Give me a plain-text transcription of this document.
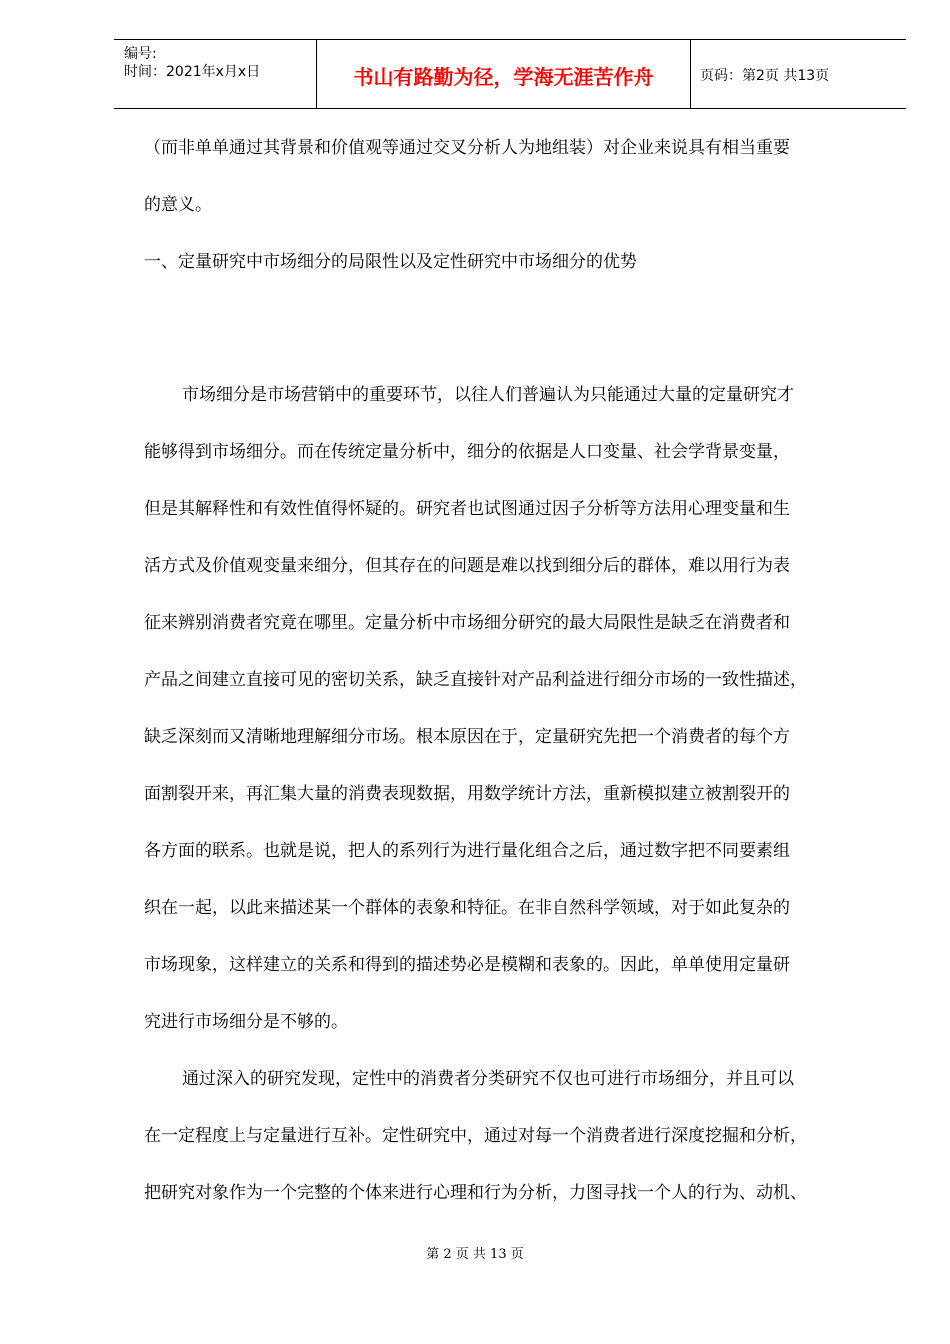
编号:
时间：2021年x月x日	书山有路勤为径，学海无涯苦作舟	页码：第2页 共13页
（而非单单通过其背景和价值观等通过交叉分析人为地组装）对企业来说具有相当重要
的意义。
一、定量研究中市场细分的局限性以及定性研究中市场细分的优势
市场细分是市场营销中的重要环节，以往人们普遍认为只能通过大量的定量研究才
能够得到市场细分。而在传统定量分析中，细分的依据是人口变量、社会学背景变量，
但是其解释性和有效性值得怀疑的。研究者也试图通过因子分析等方法用心理变量和生
活方式及价值观变量来细分，但其存在的问题是难以找到细分后的群体，难以用行为表
征来辨别消费者究竟在哪里。定量分析中市场细分研究的最大局限性是缺乏在消费者和
产品之间建立直接可见的密切关系，缺乏直接针对产品利益进行细分市场的一致性描述，
缺乏深刻而又清晰地理解细分市场。根本原因在于，定量研究先把一个消费者的每个方
面割裂开来，再汇集大量的消费表现数据，用数学统计方法，重新模拟建立被割裂开的
各方面的联系。也就是说，把人的系列行为进行量化组合之后，通过数字把不同要素组
织在一起，以此来描述某一个群体的表象和特征。在非自然科学领域，对于如此复杂的
市场现象，这样建立的关系和得到的描述势必是模糊和表象的。因此，单单使用定量研
究进行市场细分是不够的。
通过深入的研究发现，定性中的消费者分类研究不仅也可进行市场细分，并且可以
在一定程度上与定量进行互补。定性研究中，通过对每一个消费者进行深度挖掘和分析，
把研究对象作为一个完整的个体来进行心理和行为分析，力图寻找一个人的行为、动机、
第 2 页 共 13 页
